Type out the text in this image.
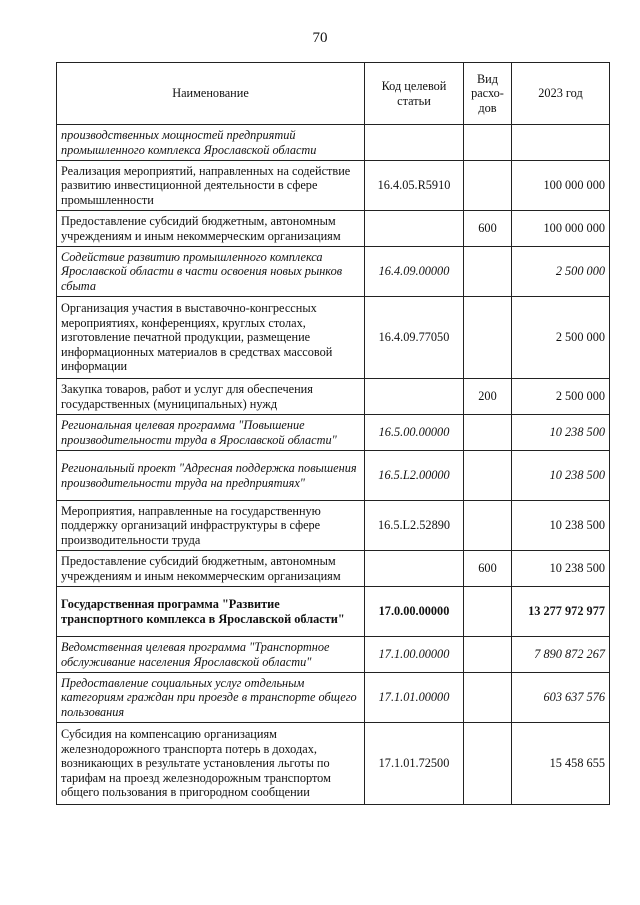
70
Наименование	Код целевой статьи	Вид расхо-дов	2023 год
производственных мощностей предприятий промышленного комплекса Ярославской области			
Реализация мероприятий, направленных на содействие развитию инвестиционной деятельности в сфере промышленности	16.4.05.R5910		100 000 000
Предоставление субсидий бюджетным, автономным учреждениям и иным некоммерческим организациям		600	100 000 000
Содействие развитию промышленного комплекса Ярославской области в части освоения новых рынков сбыта	16.4.09.00000		2 500 000
Организация участия в выставочно-конгрессных мероприятиях, конференциях, круглых столах, изготовление печатной продукции, размещение информационных материалов в средствах массовой информации	16.4.09.77050		2 500 000
Закупка товаров, работ и услуг для обеспечения государственных (муниципальных) нужд		200	2 500 000
Региональная целевая программа "Повышение производительности труда в Ярославской области"	16.5.00.00000		10 238 500
Региональный проект "Адресная поддержка повышения производительности труда на предприятиях"	16.5.L2.00000		10 238 500
Мероприятия, направленные на государственную поддержку организаций инфраструктуры в сфере производительности труда	16.5.L2.52890		10 238 500
Предоставление субсидий бюджетным, автономным учреждениям и иным некоммерческим организациям		600	10 238 500
Государственная программа "Развитие транспортного комплекса в Ярославской области"	17.0.00.00000		13 277 972 977
Ведомственная целевая программа "Транспортное обслуживание населения Ярославской области"	17.1.00.00000		7 890 872 267
Предоставление социальных услуг отдельным категориям граждан при проезде в транспорте общего пользования	17.1.01.00000		603 637 576
Субсидия на компенсацию организациям железнодорожного транспорта потерь в доходах, возникающих в результате установления льготы по тарифам на проезд железнодорожным транспортом общего пользования в пригородном сообщении	17.1.01.72500		15 458 655
